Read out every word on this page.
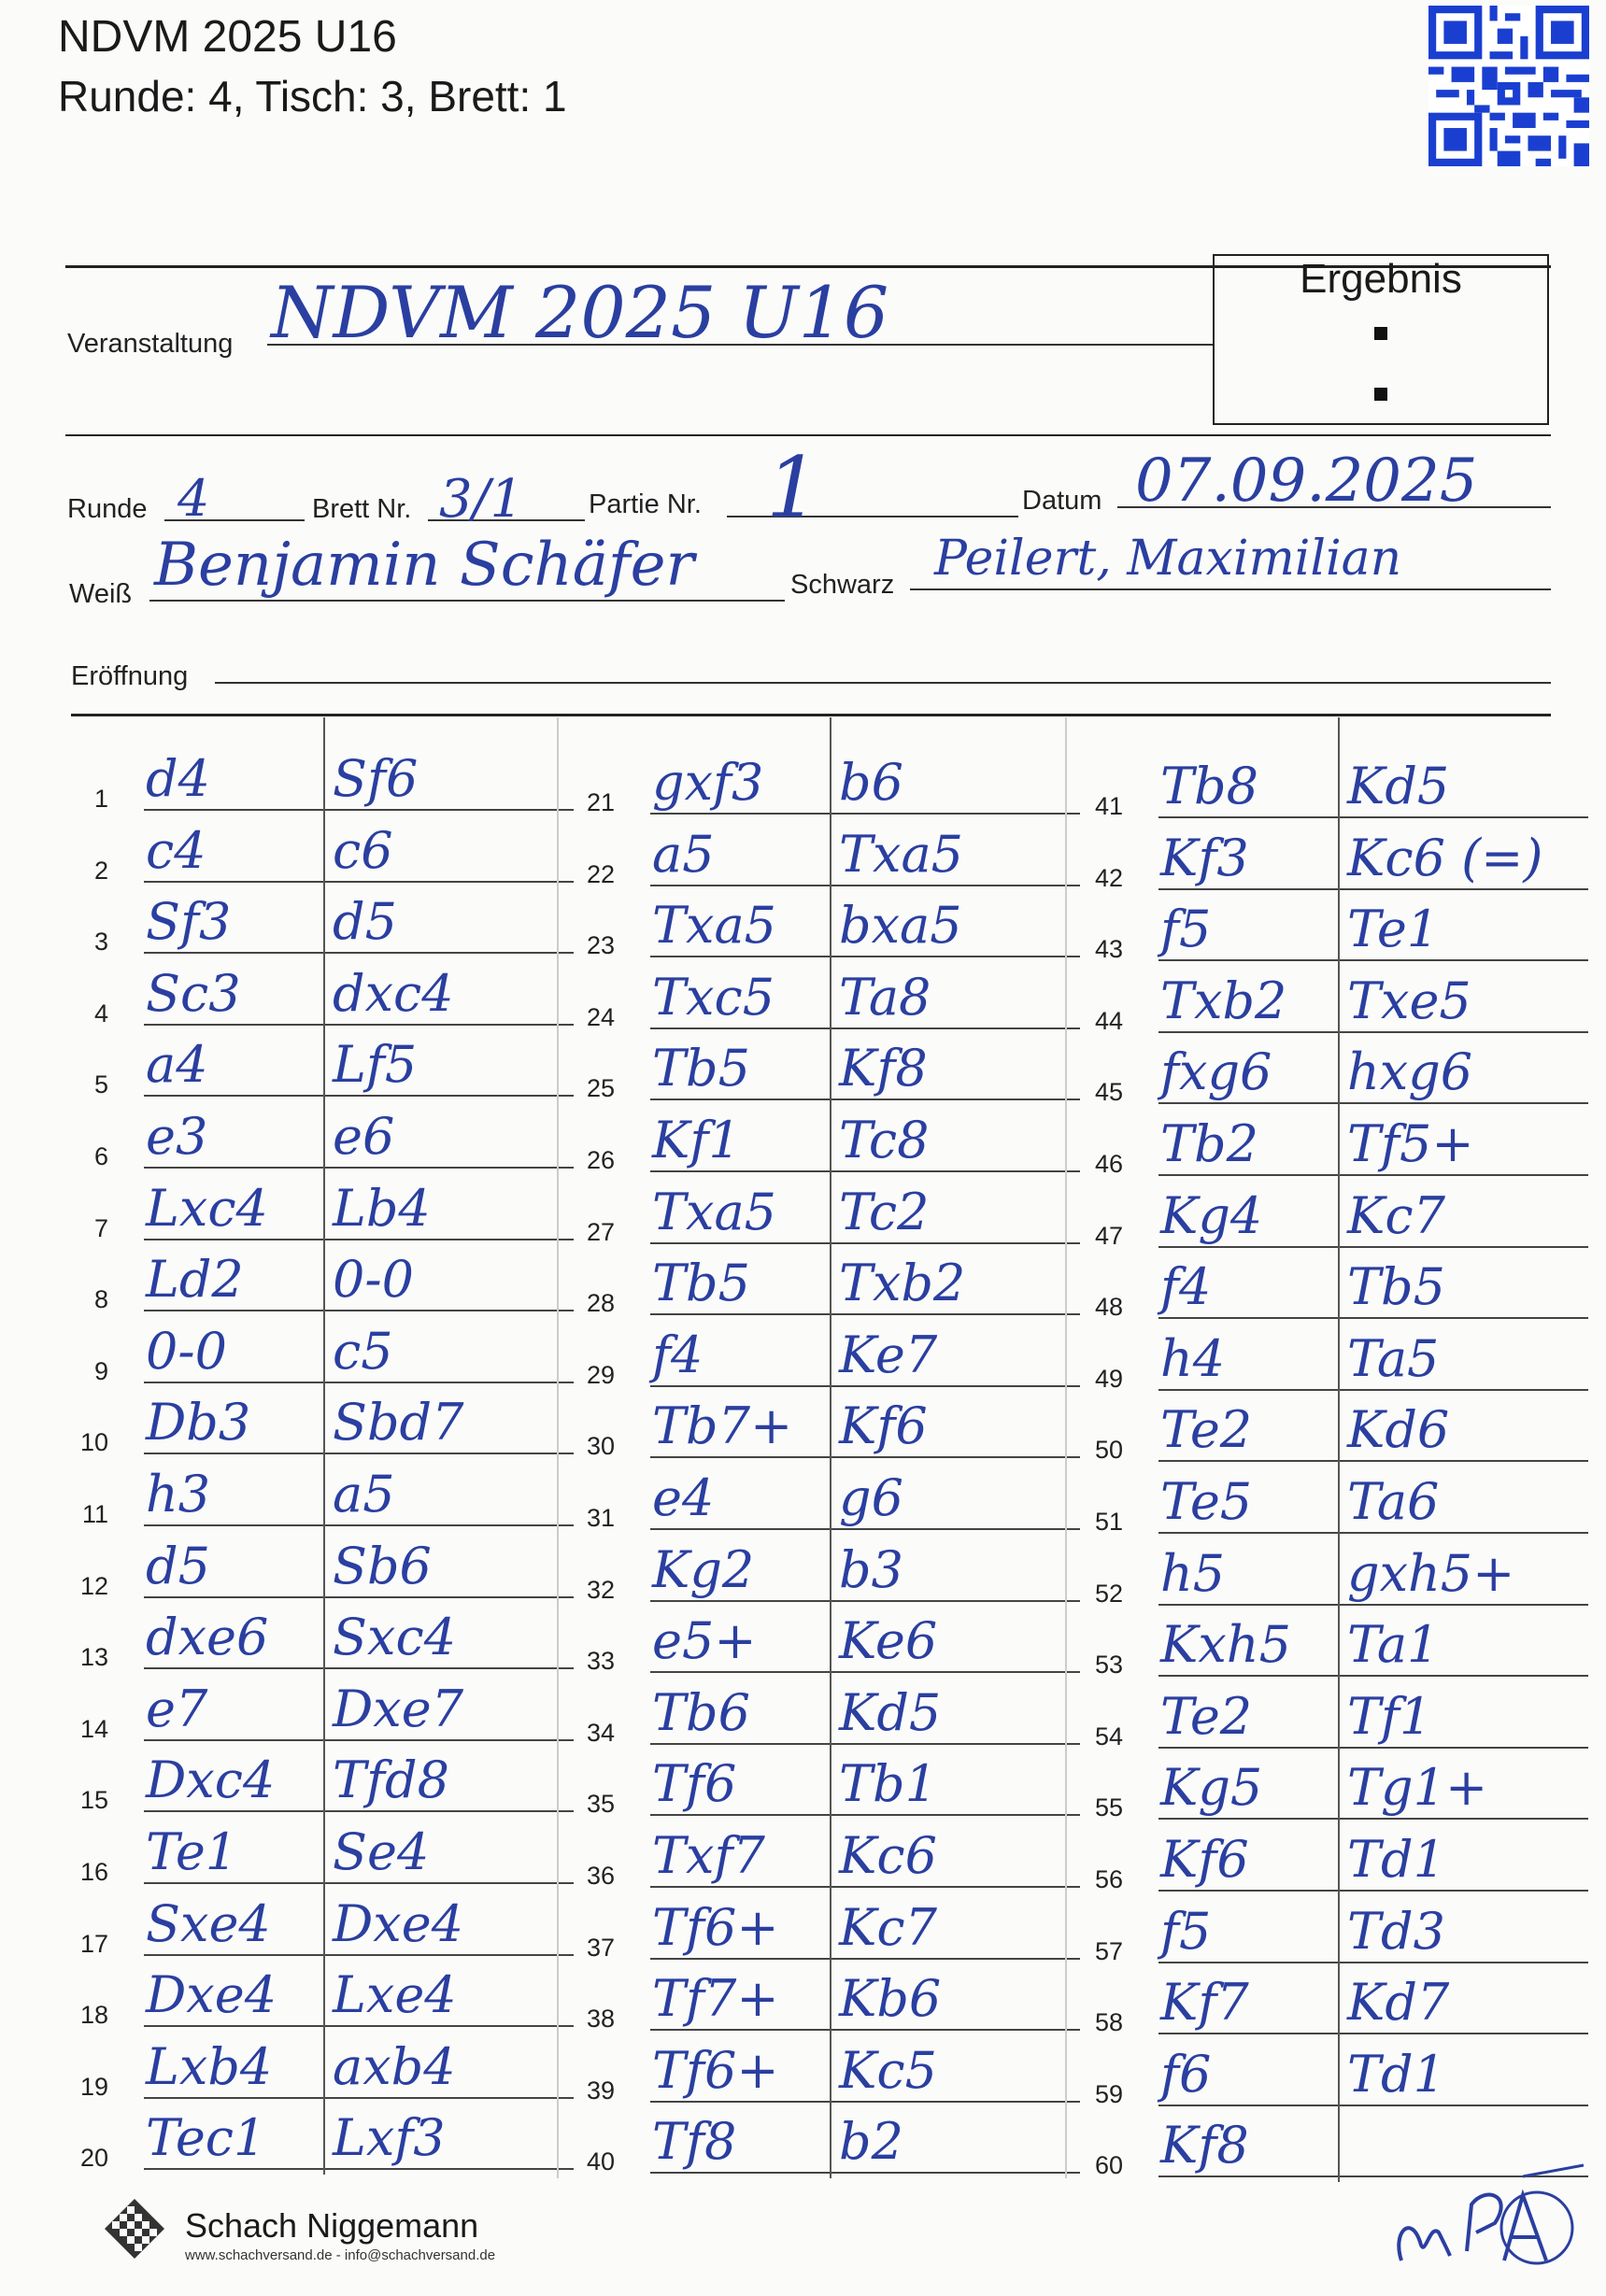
NDVM 2025 U16
Runde: 4, Tisch: 3, Brett: 1
Ergebnis
Veranstaltung NDVM 2025 U16
Runde 4	Brett Nr. 3/1 Partie Nr. 1	Datum 07.09.2025
Weiß Benjamin Schäfer	Schwarz Peilert, Maximilian
Eröffnung
1 d4 Sf6
2 c4	c6
3 Sf3 d5
4 Sc3 dxc4
5 a4 Lf5
6 e3 e6
7 Lxc4 Lb4
8 Ld2 0-0
9 0-0 c5
10 Db3 Sbd7
11 h3 a5
12 d5 Sb6
13 dxe6 Sxc4
14 e7 Dxe7
15 Dxc4 Tfd8
16 Te1 Se4
17 Sxe4 Dxe4
18 Dxe4 Lxe4
19 Lxb4 axb4
20 Tec1 Lxf3
21 gxf3 b6
22 a5 Txa5
23 Txa5 bxa5
24 Txc5 Ta8
25 Tb5 Kf8
26 Kf1 Tc8
27 Txa5 Tc2
28 Tb5 Txb2
29 f4	Ke7
30 Tb7+ Kf6
31 e4 g6
32 Kg2 b3
33 e5+ Ke6
34 Tb6 Kd5
35 Tf6 Tb1
36 Txf7 Kc6
37 Tf6+ Kc7
38 Tf7+ Kb6
39 Tf6+ Kc5
40 Tf8 b2
41 Tb8 Kd5
42 Kf3 Kc6 (=)
43 f5	Te1
44 Txb2 Txe5
45 fxg6 hxg6
46 Tb2 Tf5+
47 Kg4 Kc7
48 f4	Tb5
49 h4 Ta5
50 Te2 Kd6
51 Te5 Ta6
52 h5 gxh5+
53 Kxh5 Ta1
54 Te2 Tf1
55 Kg5 Tg1+
56 Kf6 Td1
57 f5	Td3
58 Kf7 Kd7
59 f6	Td1
60 Kf8
Schach Niggemann
www.schachversand.de - info@schachversand.de
